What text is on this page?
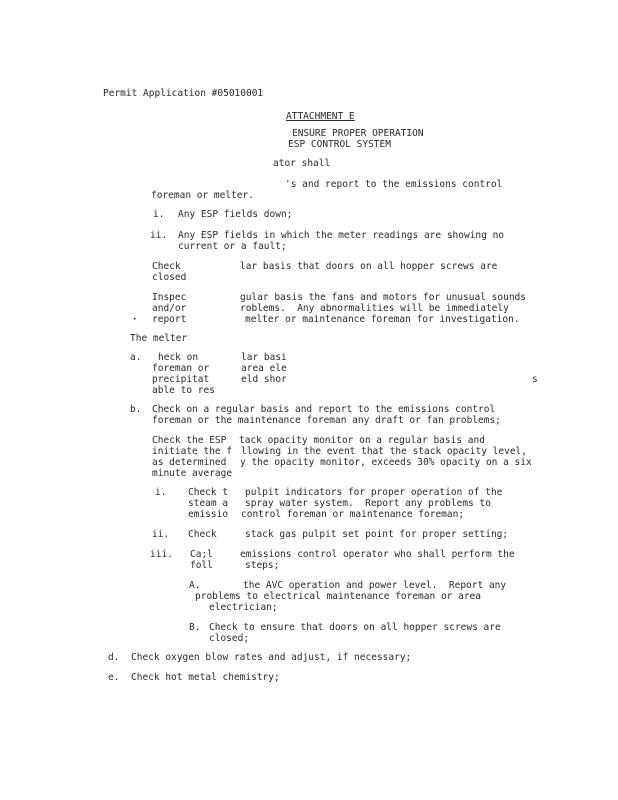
Permit Application #05010001
ATTACHMENT E
ENSURE PROPER OPERATION
ESP CONTROL SYSTEM
ator shall
's and report to the emissions control
foreman or melter.
i. Any ESP fields down;
ii. Any ESP fields in which the meter readings are showing no
current or a fault;
Check	lar basis that doors on all hopper screws are
closed
Inspec	gular basis the fans and motors for unusual sounds
and/or	roblems.  Any abnormalities will be immediately
• report	melter or maintenance foreman for investigation.
The melter
a. heck on	lar basi
foreman or	area ele
precipitat	eld shor	s
able to res
b. Check on a regular basis and report to the emissions control
foreman or the maintenance foreman any draft or fan problems;
Check the ESP tack opacity monitor on a regular basis and
initiate the f llowing in the event that the stack opacity level,
as determined y the opacity monitor, exceeds 30% opacity on a six
minute average
i. Check t pulpit indicators for proper operation of the
steam a spray water system.  Report any problems to
emissio control foreman or maintenance foreman;
ii. Check	stack gas pulpit set point for proper setting;
iii. Ca;l	emissions control operator who shall perform the
foll	steps;
A.	the AVC operation and power level.  Report any
problems to electrical maintenance foreman or area
electrician;
B. Check to ensure that doors on all hopper screws are
closed;
d. Check oxygen blow rates and adjust, if necessary;
e. Check hot metal chemistry;
